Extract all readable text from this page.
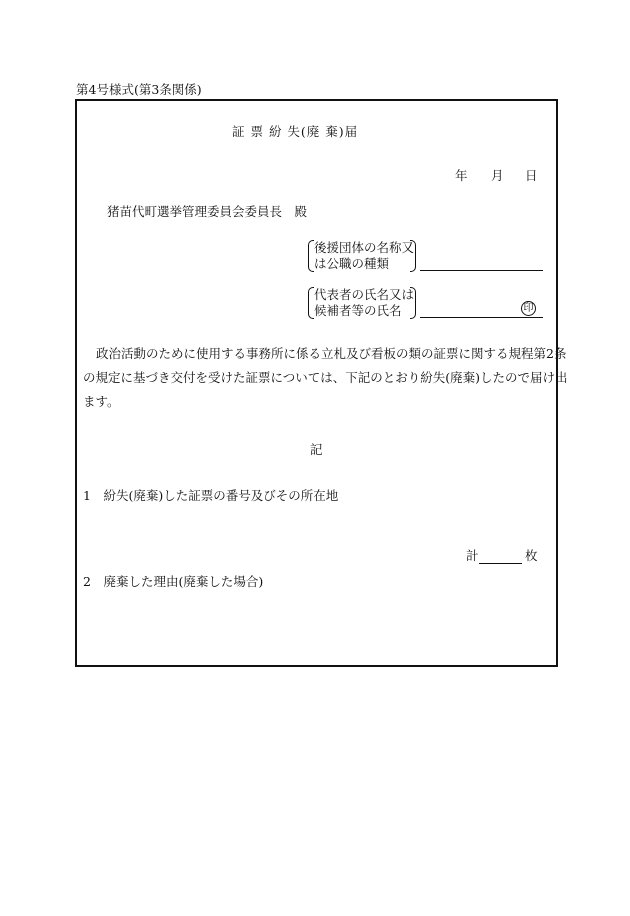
第4号様式(第3条関係)
証 票 紛 失(廃 棄)届
年 月 日
猪苗代町選挙管理委員会委員長　殿
後援団体の名称又
は公職の種類
代表者の氏名又は
候補者等の氏名	印
政治活動のために使用する事務所に係る立札及び看板の類の証票に関する規程第2条
の規定に基づき交付を受けた証票については、下記のとおり紛失(廃棄)したので届け出
ます。
記
1　紛失(廃棄)した証票の番号及びその所在地
計	枚
2　廃棄した理由(廃棄した場合)
